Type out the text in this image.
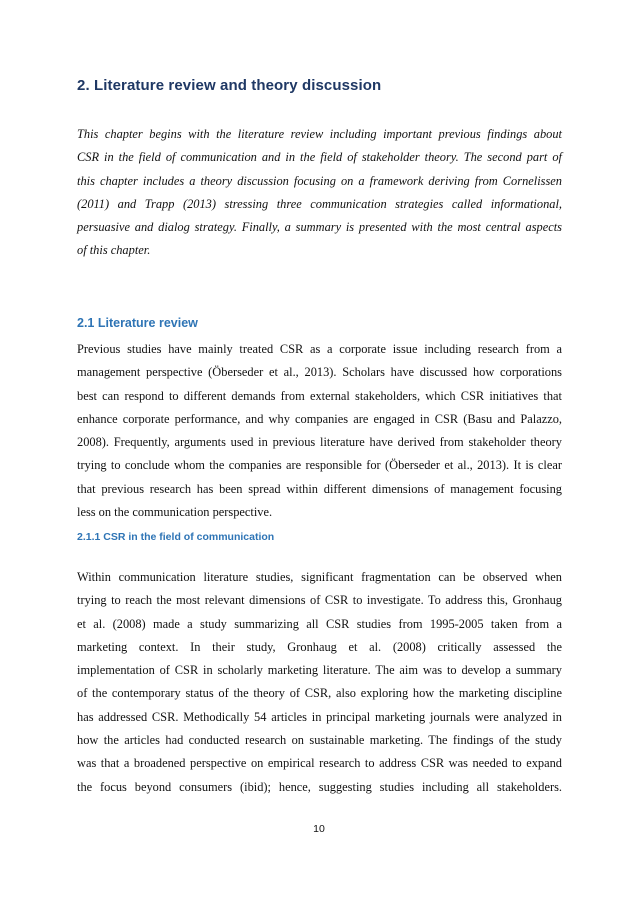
2. Literature review and theory discussion
This chapter begins with the literature review including important previous findings about
CSR in the field of communication and in the field of stakeholder theory. The second part of
this chapter includes a theory discussion focusing on a framework deriving from Cornelissen
(2011) and Trapp (2013) stressing three communication strategies called informational,
persuasive and dialog strategy. Finally, a summary is presented with the most central aspects
of this chapter.
2.1 Literature review
Previous studies have mainly treated CSR as a corporate issue including research from a
management perspective (Öberseder et al., 2013). Scholars have discussed how corporations
best can respond to different demands from external stakeholders, which CSR initiatives that
enhance corporate performance, and why companies are engaged in CSR (Basu and Palazzo,
2008). Frequently, arguments used in previous literature have derived from stakeholder theory
trying to conclude whom the companies are responsible for (Öberseder et al., 2013). It is clear
that previous research has been spread within different dimensions of management focusing
less on the communication perspective.
2.1.1 CSR in the field of communication
Within communication literature studies, significant fragmentation can be observed when
trying to reach the most relevant dimensions of CSR to investigate. To address this, Gronhaug
et al. (2008) made a study summarizing all CSR studies from 1995-2005 taken from a
marketing context. In their study, Gronhaug et al. (2008) critically assessed the
implementation of CSR in scholarly marketing literature. The aim was to develop a summary
of the contemporary status of the theory of CSR, also exploring how the marketing discipline
has addressed CSR. Methodically 54 articles in principal marketing journals were analyzed in
how the articles had conducted research on sustainable marketing. The findings of the study
was that a broadened perspective on empirical research to address CSR was needed to expand
the focus beyond consumers (ibid); hence, suggesting studies including all stakeholders.
10
